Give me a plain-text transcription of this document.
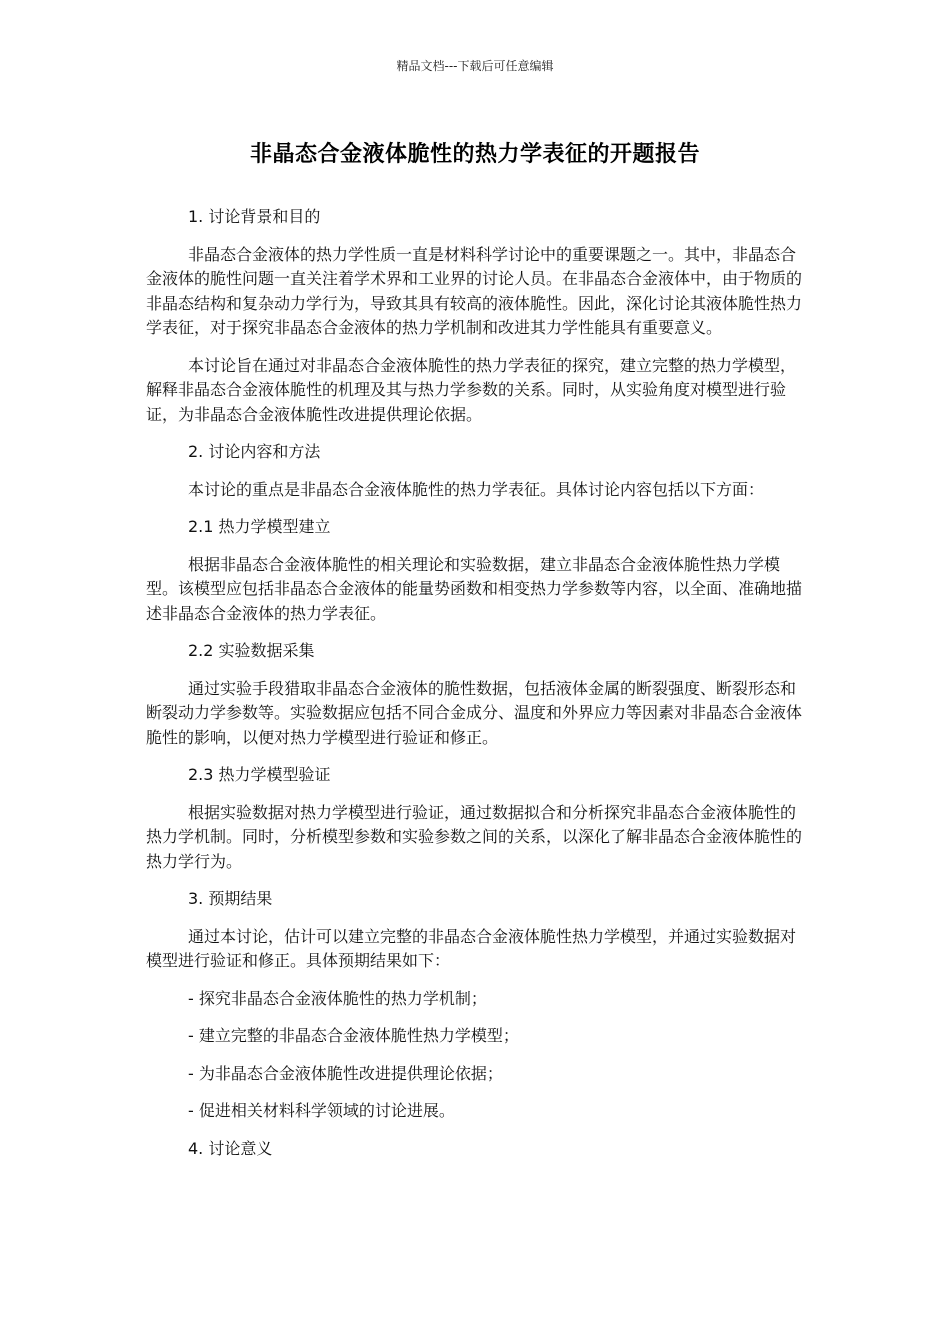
精品文档---下载后可任意编辑
非晶态合金液体脆性的热力学表征的开题报告

1. 讨论背景和目的

非晶态合金液体的热力学性质一直是材料科学讨论中的重要课题之一。其中，非晶态合金液体的脆性问题一直关注着学术界和工业界的讨论人员。在非晶态合金液体中，由于物质的非晶态结构和复杂动力学行为，导致其具有较高的液体脆性。因此，深化讨论其液体脆性热力学表征，对于探究非晶态合金液体的热力学机制和改进其力学性能具有重要意义。

本讨论旨在通过对非晶态合金液体脆性的热力学表征的探究，建立完整的热力学模型，解释非晶态合金液体脆性的机理及其与热力学参数的关系。同时，从实验角度对模型进行验证，为非晶态合金液体脆性改进提供理论依据。

2. 讨论内容和方法

本讨论的重点是非晶态合金液体脆性的热力学表征。具体讨论内容包括以下方面：

2.1 热力学模型建立

根据非晶态合金液体脆性的相关理论和实验数据，建立非晶态合金液体脆性热力学模型。该模型应包括非晶态合金液体的能量势函数和相变热力学参数等内容，以全面、准确地描述非晶态合金液体的热力学表征。

2.2 实验数据采集

通过实验手段猎取非晶态合金液体的脆性数据，包括液体金属的断裂强度、断裂形态和断裂动力学参数等。实验数据应包括不同合金成分、温度和外界应力等因素对非晶态合金液体脆性的影响，以便对热力学模型进行验证和修正。

2.3 热力学模型验证

根据实验数据对热力学模型进行验证，通过数据拟合和分析探究非晶态合金液体脆性的热力学机制。同时，分析模型参数和实验参数之间的关系，以深化了解非晶态合金液体脆性的热力学行为。

3. 预期结果

通过本讨论，估计可以建立完整的非晶态合金液体脆性热力学模型，并通过实验数据对模型进行验证和修正。具体预期结果如下：

- 探究非晶态合金液体脆性的热力学机制；

- 建立完整的非晶态合金液体脆性热力学模型；

- 为非晶态合金液体脆性改进提供理论依据；

- 促进相关材料科学领域的讨论进展。

4. 讨论意义
